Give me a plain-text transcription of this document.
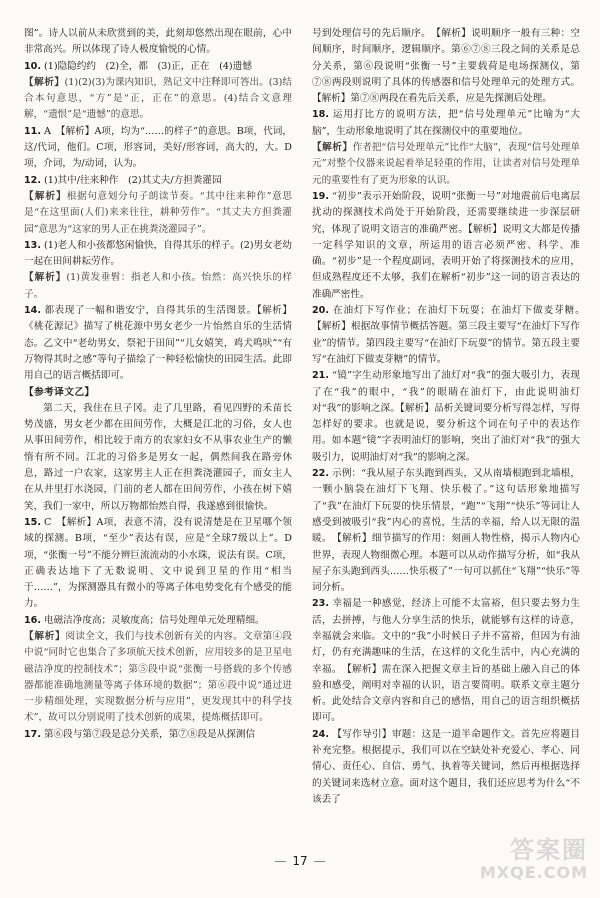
图”。诗人以前从未欣赏到的美，此刻却悠然出现在眼前，心中非常高兴。所以体现了诗人极度愉悦的心情。

10. (1)隐隐约约　(2)全，都　(3)正，正在　(4)遗憾

【解析】(1)(2)(3)为课内知识，熟记文中注释即可答出。(3)结合本句意思，“方”是“正，正在”的意思。(4)结合文意理解，“遗恨”是“遗憾”的意思。

11. A　【解析】A项，均为“……的样子”的意思。B项，代词，这/代词，他们。C项，形容词，美好/形容词，高大的，大。D项，介词，为/动词，认为。

12. (1)其中/往来种作　(2)其丈夫/方担粪灌园

【解析】根据句意划分句子朗读节奏。“其中往来种作”意思是“在这里面(人们)来来往往，耕种劳作”。“其丈夫方担粪灌园”意思为“这家的男人正在挑粪浇灌园子”。

13. (1)老人和小孩都悠闲愉快，自得其乐的样子。(2)男女老幼一起在田间耕耘劳作。

【解析】(1)黄发垂髫：指老人和小孩。怡然：高兴快乐的样子。

14. 都表现了一幅和谐安宁，自得其乐的生活图景。【解析】《桃花源记》描写了桃花源中男女老少一片怡然自乐的生活情态。乙文中“老幼男女，祭祀于田间”“儿女嬉笑，鸡犬鸣吠”“有万物得其时之感”等句子描绘了一种轻松愉快的田园生活。此即用自己的语言概括即可。

【参考译文乙】

第二天，我住在旦子冈。走了几里路，看见四野的禾苗长势茂盛，男女老少都在田间劳作，大概是江北的习俗，女人也从事田间劳作，相比较于南方的农家妇女不从事农业生产的懒惰有所不同。江北的习俗多是男女一起，偶然间我在路旁休息，路过一户农家，这家男主人正在担粪浇灌园子，而女主人在从井里打水浇园，门前的老人都在田间劳作，小孩在树下嬉笑，我们一家中，所以万物都怡然自得，我遂感到很愉快。

15. C　【解析】A项，表意不清，没有说清楚是在卫星哪个领域的探测。B项，“至少”表达有误，应是“全球7级以上”。D项，“张衡一号”不能分辨巨流流动的小水珠，说法有误。C项，正确表达地下了无数说明、文中说到卫星的作用“相当于……”，为探测器具有微小的等离子体电势变化有个感受的能力。

16. 电磁洁净度高；灵敏度高；信号处理单元处理精细。

【解析】阅读全文，我们与技术创新有关的内容。文章第④段中说“同时它也集合了多项航天技术创新，应用较多的是卫星电磁洁净度的控制技术”；第⑤段中说“张衡一号搭载的多个传感器都能准确地测量等离子体环境的数据”；第⑥段中说“通过进一步精细处理，实现数据分析与应用”，更发现其中的科学技术”，故可以分别说明了技术创新的成果，提炼概括即可。

17. 第⑥段与第⑦段是总分关系，第⑦⑧段是从探测信

号到处理信号的先后顺序。　【解析】说明顺序一般有三种：空间顺序，时间顺序，逻辑顺序。第⑥⑦⑧三段之间的关系是总分关系，第⑥段说明“张衡一号”主要载荷是电场探测仪，第⑦⑧两段则说明了具体的传感器和信号处理单元的处理方式。【解析】第⑦⑧两段在看先后关系，应是先探测后处理。

18. 运用打比方的说明方法，把“信号处理单元”比喻为“大脑”，生动形象地说明了其在探测仪中的重要地位。

【解析】作者把“信号处理单元”比作“大脑”，表现“信号处理单元”对整个仪器来说起着举足轻重的作用，让读者对信号处理单元的重要性有了更为形象的认识。

19. “初步”表示开始阶段，说明“张衡一号”对地震前后电离层扰动的探测技术尚处于开始阶段，还需要继续进一步深层研究，体现了说明文语言的准确严密。【解析】说明文大都是传播一定科学知识的文章，所运用的语言必须严密、科学、准确。“初步”是一个程度副词，表明开始了将探测技术的应用，但成熟程度还不太够，我们在解析“初步”这一词的语言表达的准确严密性。

20. 在油灯下写作业；在油灯下玩耍；在油灯下做麦芽糖。　【解析】根据故事情节概括答题。第三段主要写“在油灯下写作业”的情节。第四段主要写“在油灯下玩耍”的情节。第五段主要写“在油灯下做麦芽糖”的情节。

21. “镜”字生动形象地写出了油灯对“我”的强大吸引力，表现了在“我”的眼中，“我”的眼睛在油灯下，由此说明油灯对“我”的影响之深。【解析】品析关键词要分析写得怎样，写得怎样好的要求。也就是说，要分析这个词在句子中的表达作用。如本题“镜”字表明油灯的影响，突出了油灯对“我”的强大吸引力，说明油灯对“我”的影响之深。

22. 示例：“我从屋子东头跑到西头，又从南墙根跑到北墙根，一颗小脑袋在油灯下飞翔、快乐极了。”这句话形象地描写了“我”在油灯下玩耍的快乐情景，“跑”“飞翔”“快乐”等词让人感受到被吸引“我”内心的喜悦，生活的幸福，给人以无限的温暖。　【解析】细节描写的作用：刻画人物性格，揭示人物内心世界，表现人物细微心理。本题可以从动作描写分析，如“我从屋子东头跑到西头……快乐极了”一句可以抓住“飞翔”“快乐”等词分析。

23. 幸福是一种感觉，经济上可能不太富裕，但只要去努力生活，去拼搏，与他人分享生活的快乐，就能够有这样的诗意，幸福就会来临。文中的“我”小时候日子并不富裕，但因为有油灯，仍有充满趣味的生活，在这样的文化生活中，内心充满的幸福。　【解析】需在深入把握文章主旨的基础上融入自己的体验和感受，阐明对幸福的认识，语言要简明。联系文章主题分析。此处结合文章内容和自己的感悟，用自己的语言组织概括即可。

24. 【写作导引】审题：这是一道半命题作文。首先应将题目补充完整。根据提示，我们可以在空缺处补充爱心、孝心、同情心、责任心、自信、勇气、执着等关键词，然后再根据选择的关键词来选材立意。面对这个题目，我们还应思考为什么“不该丢了

— 17 —	答案圈
MXQE.COM
